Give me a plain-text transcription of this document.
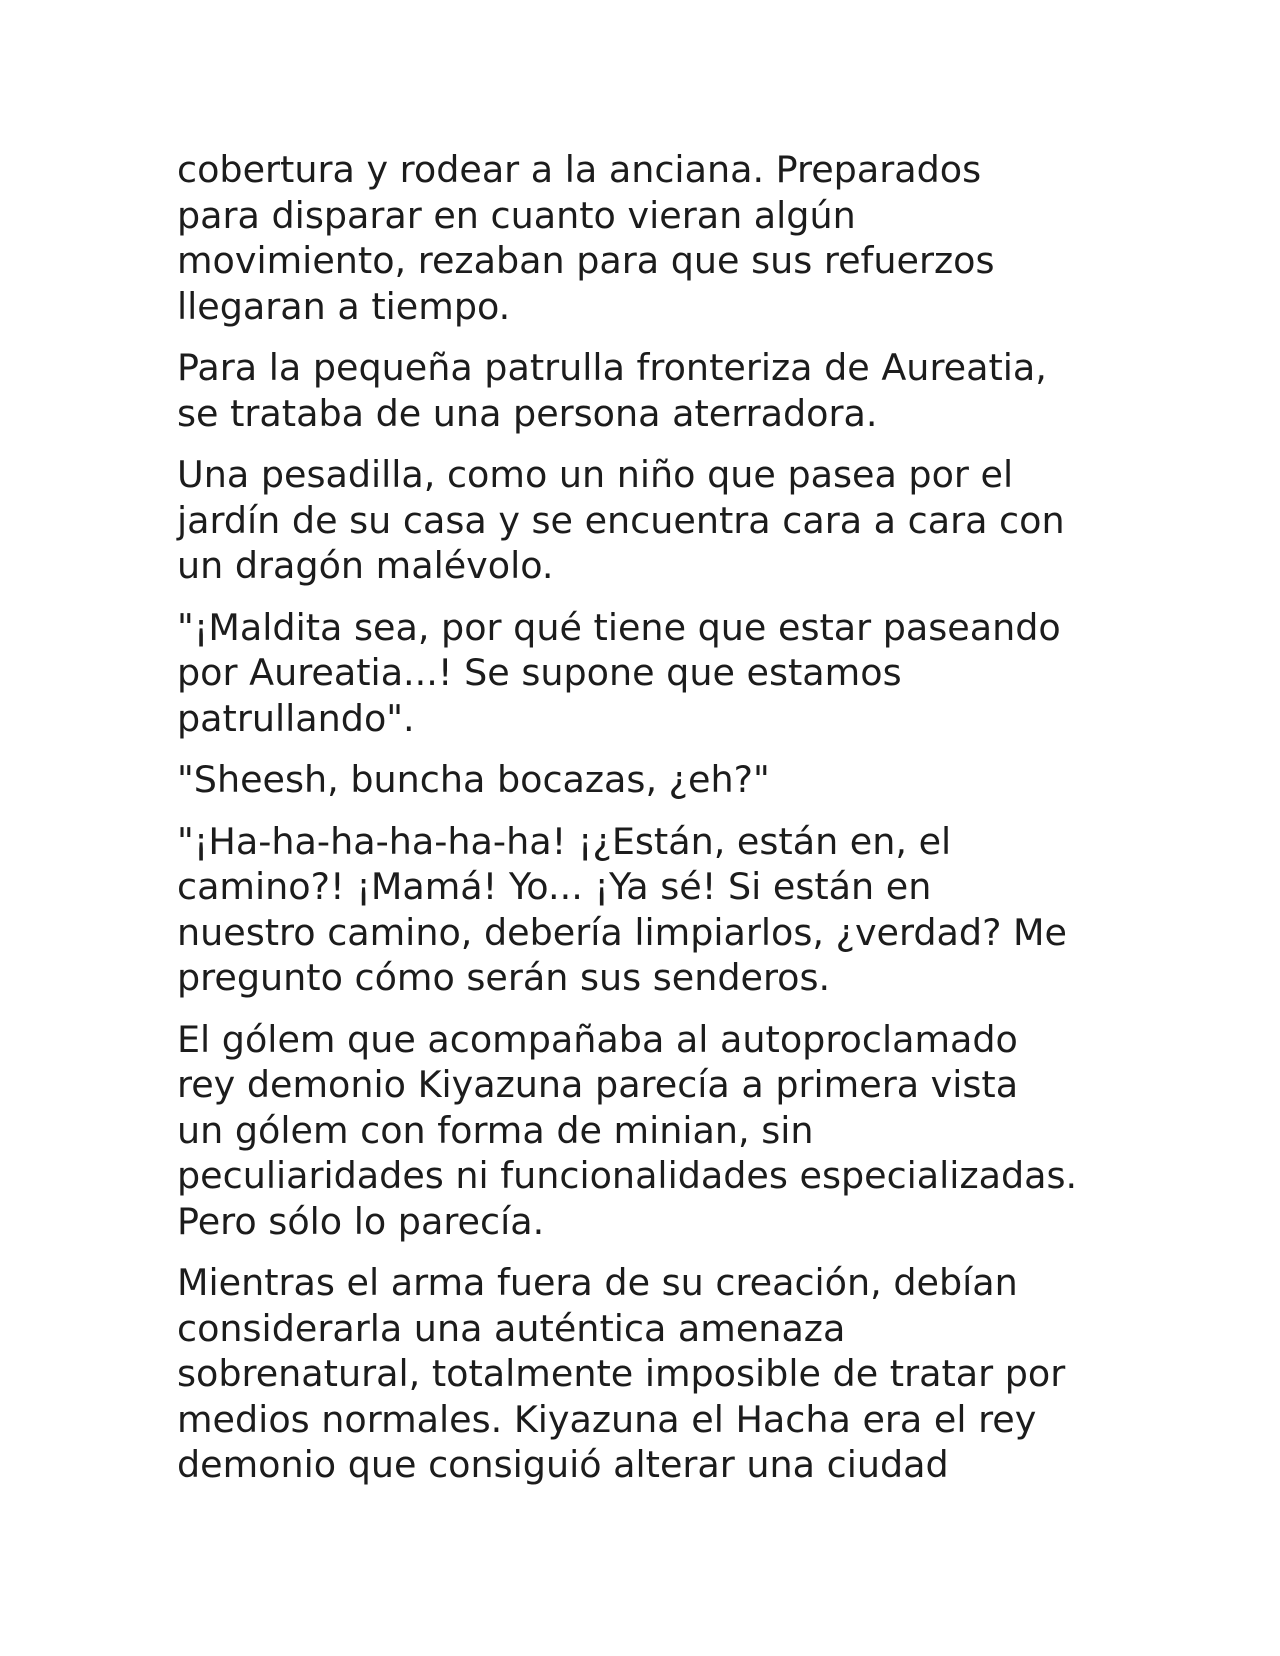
cobertura y rodear a la anciana. Preparados
para disparar en cuanto vieran algún
movimiento, rezaban para que sus refuerzos
llegaran a tiempo.

Para la pequeña patrulla fronteriza de Aureatia,
se trataba de una persona aterradora.

Una pesadilla, como un niño que pasea por el
jardín de su casa y se encuentra cara a cara con
un dragón malévolo.

"¡Maldita sea, por qué tiene que estar paseando
por Aureatia...! Se supone que estamos
patrullando".

"Sheesh, buncha bocazas, ¿eh?"

"¡Ha-ha-ha-ha-ha-ha! ¡¿Están, están en, el
camino?! ¡Mamá! Yo... ¡Ya sé! Si están en
nuestro camino, debería limpiarlos, ¿verdad? Me
pregunto cómo serán sus senderos.

El gólem que acompañaba al autoproclamado
rey demonio Kiyazuna parecía a primera vista
un gólem con forma de minian, sin
peculiaridades ni funcionalidades especializadas.
Pero sólo lo parecía.

Mientras el arma fuera de su creación, debían
considerarla una auténtica amenaza
sobrenatural, totalmente imposible de tratar por
medios normales. Kiyazuna el Hacha era el rey
demonio que consiguió alterar una ciudad
